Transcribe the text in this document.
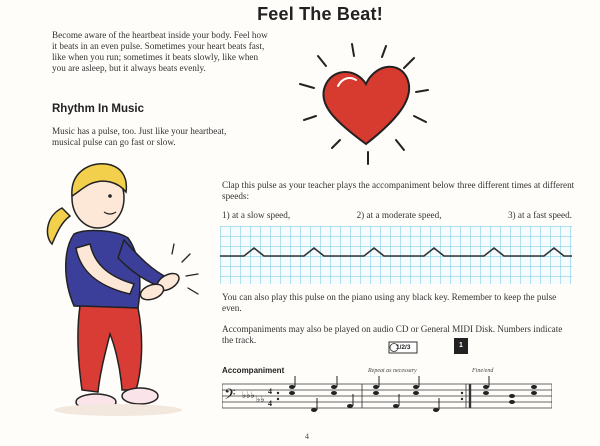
Feel The Beat!
Become aware of the heartbeat inside your body. Feel how it beats in an even pulse. Sometimes your heart beats fast, like when you run; sometimes it beats slowly, like when you are asleep, but it always beats evenly.
Rhythm In Music
Music has a pulse, too. Just like your heartbeat, musical pulse can go fast or slow.
Clap this pulse as your teacher plays the accompaniment below three different times at different speeds:
1) at a slow speed,	2) at a moderate speed,	3) at a fast speed.
You can also play this pulse on the piano using any black key. Remember to keep the pulse even.
Accompaniments may also be played on audio CD or General MIDI Disk. Numbers indicate the track.
1/2/3	1
Accompaniment	Repeat as necessary	Fine/end
𝄢 ♭♭♭ ♭♭
4
4
4
